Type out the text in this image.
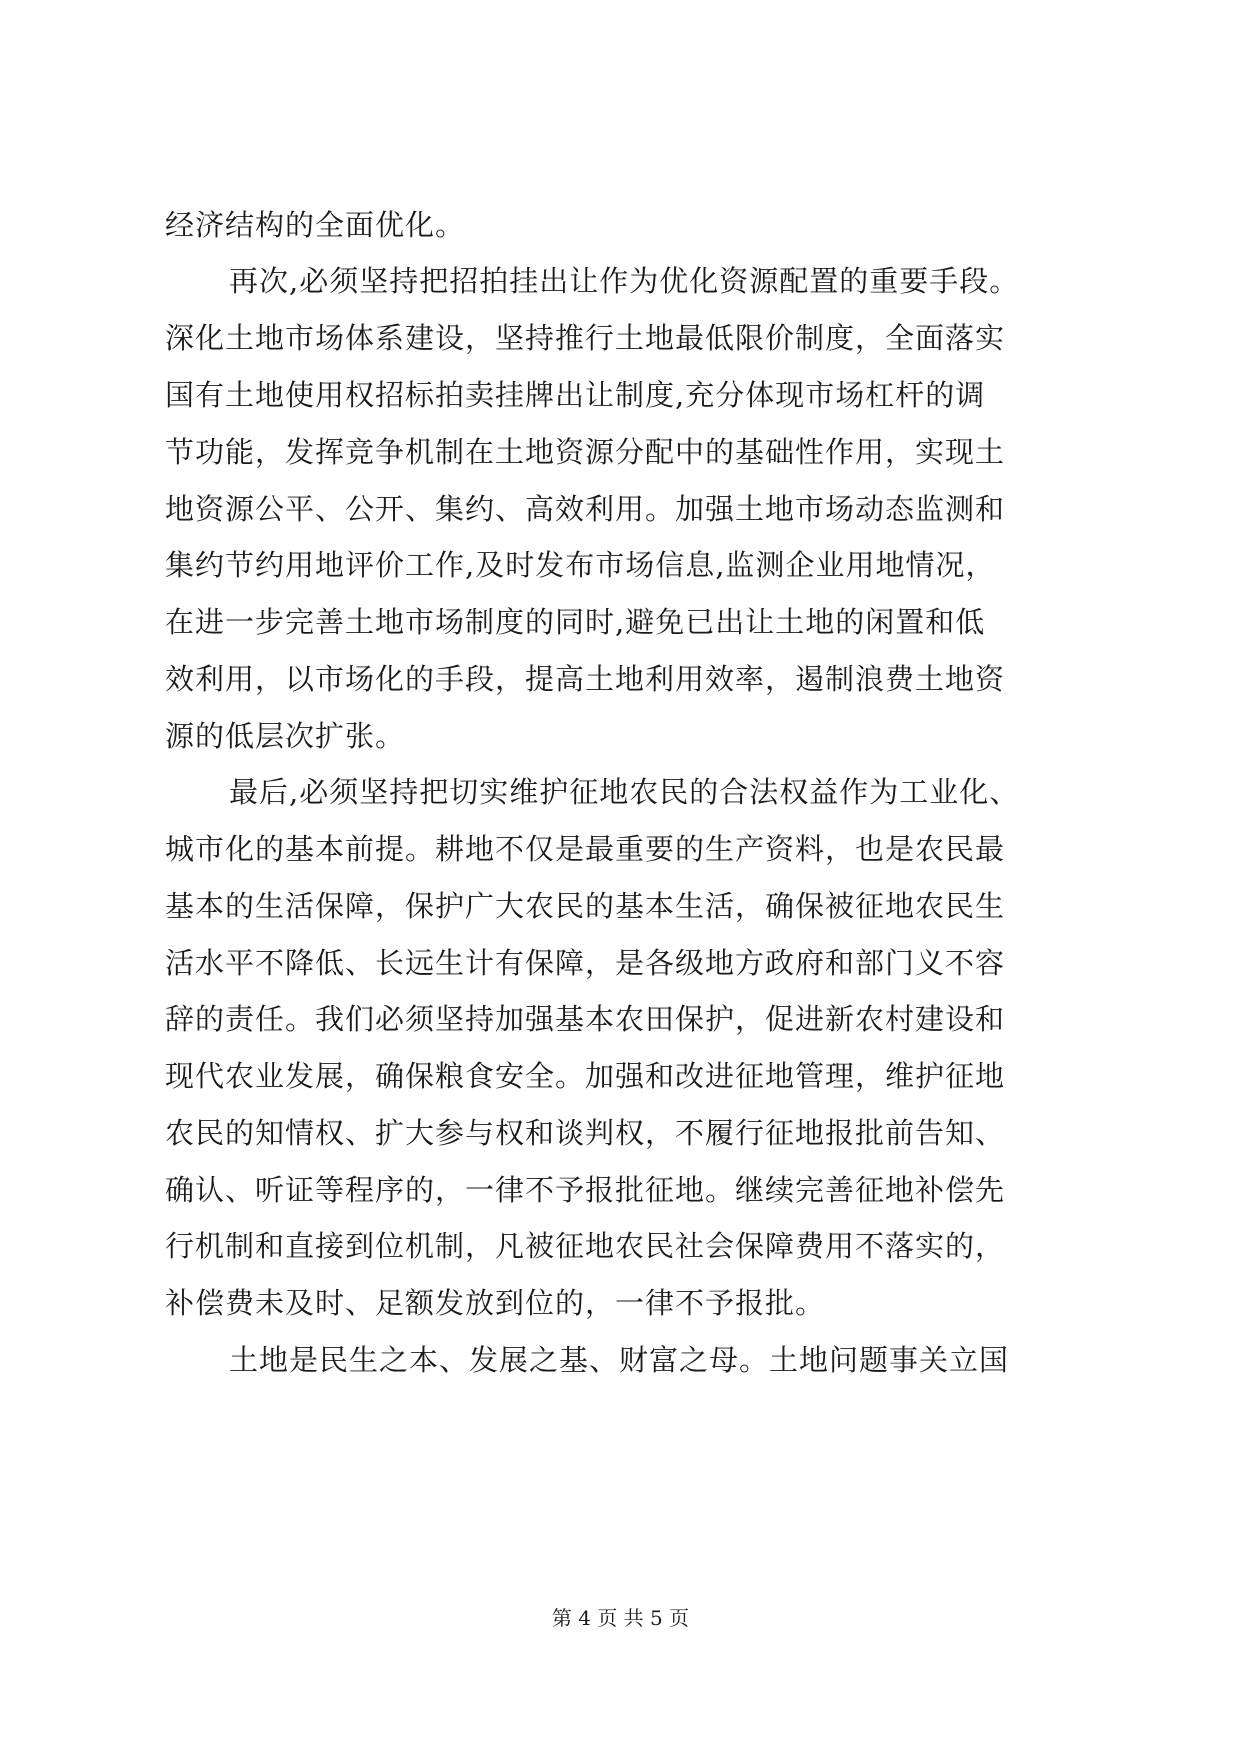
经济结构的全面优化。
再次,必须坚持把招拍挂出让作为优化资源配置的重要手段。
深化土地市场体系建设，坚持推行土地最低限价制度，全面落实
国有土地使用权招标拍卖挂牌出让制度,充分体现市场杠杆的调
节功能，发挥竞争机制在土地资源分配中的基础性作用，实现土
地资源公平、公开、集约、高效利用。加强土地市场动态监测和
集约节约用地评价工作,及时发布市场信息,监测企业用地情况，
在进一步完善土地市场制度的同时,避免已出让土地的闲置和低
效利用，以市场化的手段，提高土地利用效率，遏制浪费土地资
源的低层次扩张。
最后,必须坚持把切实维护征地农民的合法权益作为工业化、
城市化的基本前提。耕地不仅是最重要的生产资料，也是农民最
基本的生活保障，保护广大农民的基本生活，确保被征地农民生
活水平不降低、长远生计有保障，是各级地方政府和部门义不容
辞的责任。我们必须坚持加强基本农田保护，促进新农村建设和
现代农业发展，确保粮食安全。加强和改进征地管理，维护征地
农民的知情权、扩大参与权和谈判权，不履行征地报批前告知、
确认、听证等程序的，一律不予报批征地。继续完善征地补偿先
行机制和直接到位机制，凡被征地农民社会保障费用不落实的，
补偿费未及时、足额发放到位的，一律不予报批。
土地是民生之本、发展之基、财富之母。土地问题事关立国
第 4 页 共 5 页
